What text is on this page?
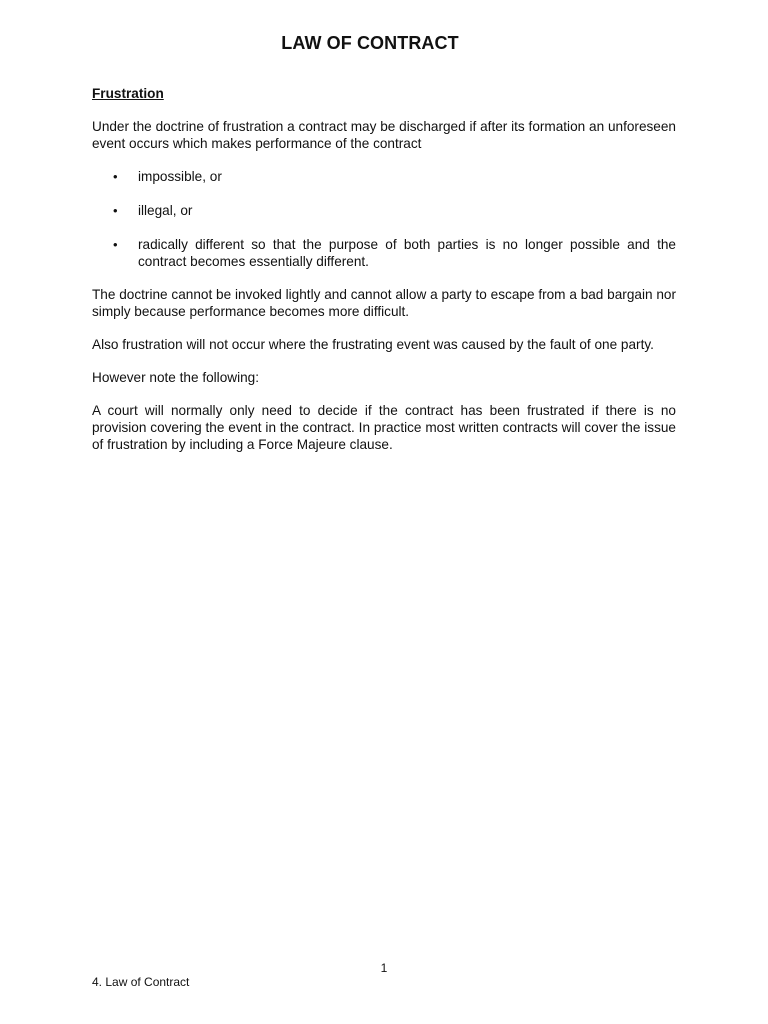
LAW OF CONTRACT
Frustration

Under the doctrine of frustration a contract may be discharged if after its formation an unforeseen event occurs which makes performance of the contract

• impossible, or
• illegal, or
• radically different so that the purpose of both parties is no longer possible and the contract becomes essentially different.

The doctrine cannot be invoked lightly and cannot allow a party to escape from a bad bargain nor simply because performance becomes more difficult.

Also frustration will not occur where the frustrating event was caused by the fault of one party.

However note the following:

A court will normally only need to decide if the contract has been frustrated if there is no provision covering the event in the contract. In practice most written contracts will cover the issue of frustration by including a Force Majeure clause.

1
4. Law of Contract
